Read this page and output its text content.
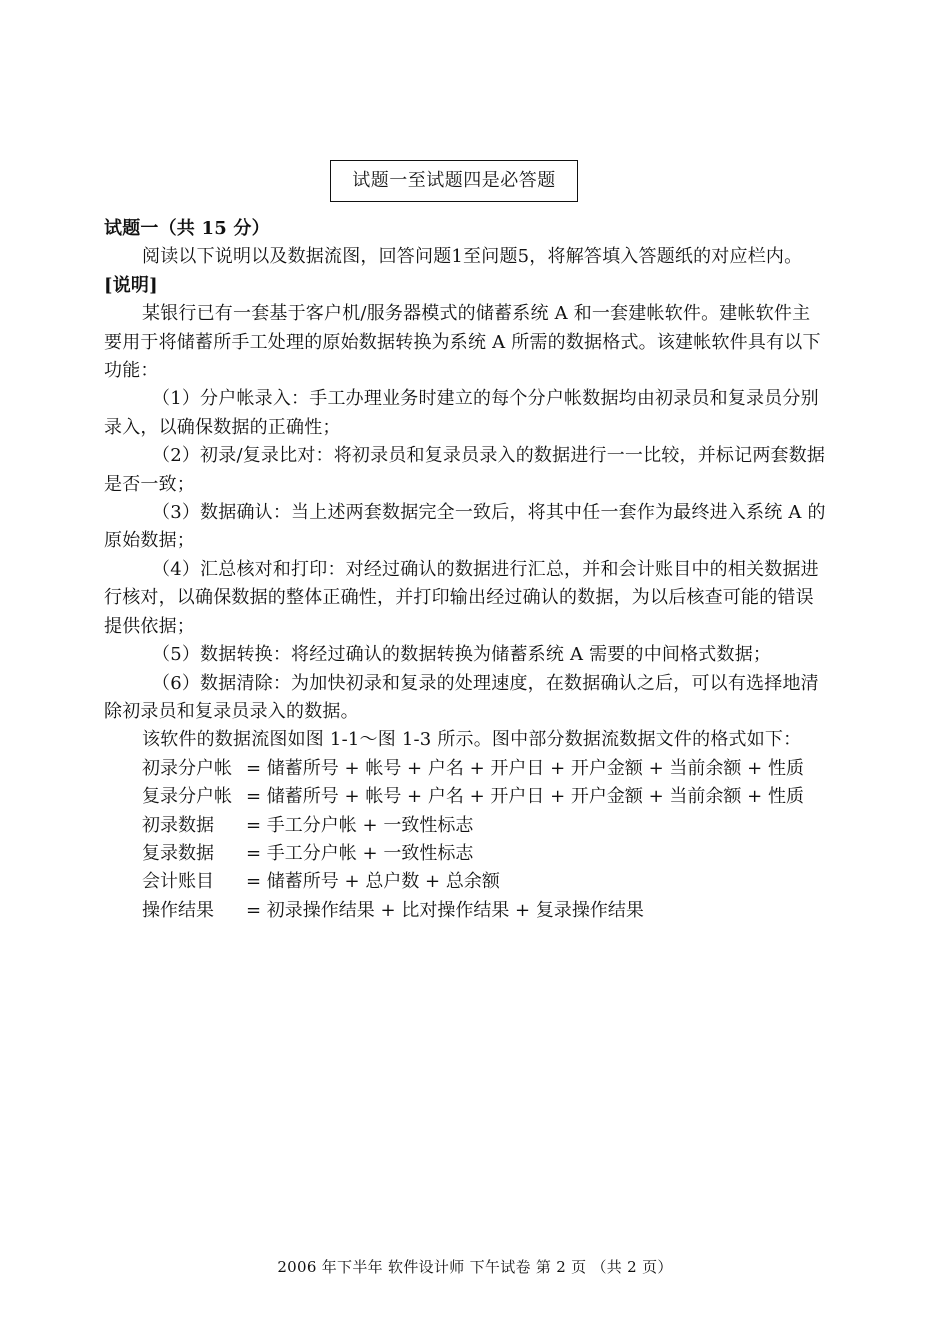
试题一至试题四是必答题
试题一（共 15 分）
阅读以下说明以及数据流图，回答问题1至问题5，将解答填入答题纸的对应栏内。
[说明]
某银行已有一套基于客户机/服务器模式的储蓄系统 A 和一套建帐软件。建帐软件主
要用于将储蓄所手工处理的原始数据转换为系统 A 所需的数据格式。该建帐软件具有以下
功能：
（1）分户帐录入：手工办理业务时建立的每个分户帐数据均由初录员和复录员分别
录入，以确保数据的正确性；
（2）初录/复录比对：将初录员和复录员录入的数据进行一一比较，并标记两套数据
是否一致；
（3）数据确认：当上述两套数据完全一致后，将其中任一套作为最终进入系统 A 的
原始数据；
（4）汇总核对和打印：对经过确认的数据进行汇总，并和会计账目中的相关数据进
行核对，以确保数据的整体正确性，并打印输出经过确认的数据，为以后核查可能的错误
提供依据；
（5）数据转换：将经过确认的数据转换为储蓄系统 A 需要的中间格式数据；
（6）数据清除：为加快初录和复录的处理速度，在数据确认之后，可以有选择地清
除初录员和复录员录入的数据。
该软件的数据流图如图 1-1～图 1-3 所示。图中部分数据流数据文件的格式如下：
初录分户帐 = 储蓄所号 + 帐号 + 户名 + 开户日 + 开户金额 + 当前余额 + 性质
复录分户帐 = 储蓄所号 + 帐号 + 户名 + 开户日 + 开户金额 + 当前余额 + 性质
初录数据	= 手工分户帐 + 一致性标志
复录数据	= 手工分户帐 + 一致性标志
会计账目	= 储蓄所号 + 总户数 + 总余额
操作结果	= 初录操作结果 + 比对操作结果 + 复录操作结果
2006 年下半年 软件设计师 下午试卷 第 2 页 （共 2 页）
